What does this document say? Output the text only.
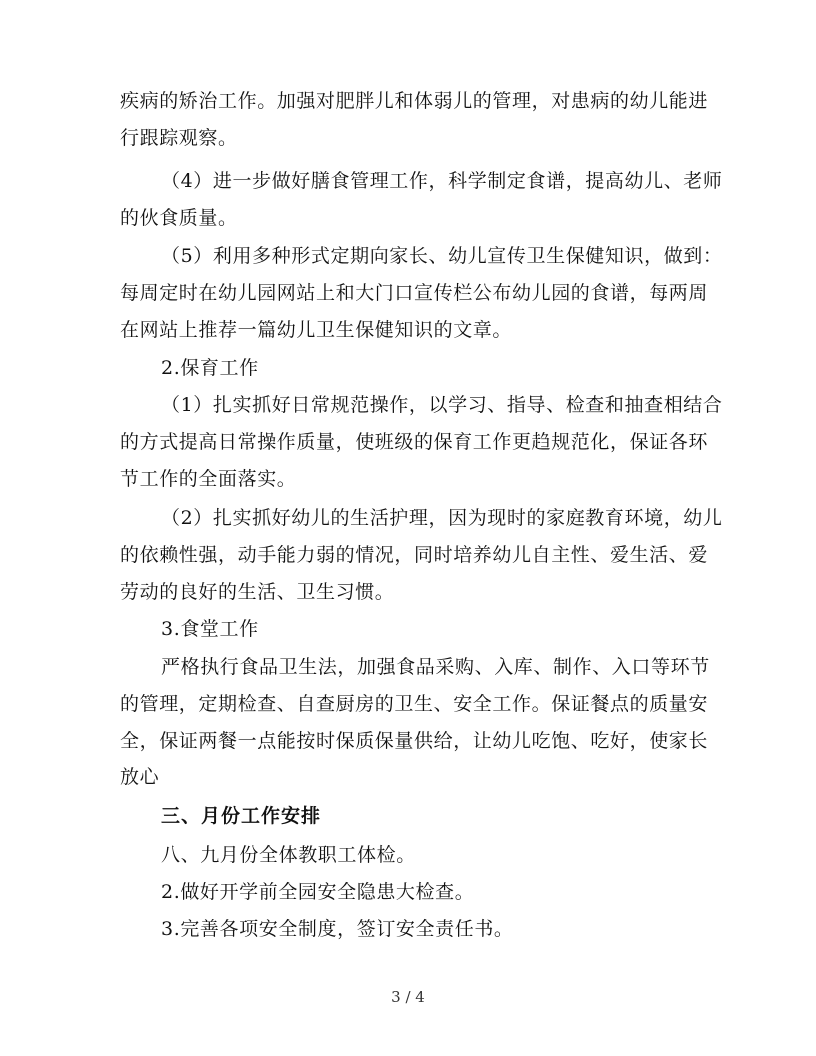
疾病的矫治工作。加强对肥胖儿和体弱儿的管理，对患病的幼儿能进
行跟踪观察。
（4）进一步做好膳食管理工作，科学制定食谱，提高幼儿、老师
的伙食质量。
（5）利用多种形式定期向家长、幼儿宣传卫生保健知识，做到：
每周定时在幼儿园网站上和大门口宣传栏公布幼儿园的食谱，每两周
在网站上推荐一篇幼儿卫生保健知识的文章。
2.保育工作
（1）扎实抓好日常规范操作，以学习、指导、检查和抽查相结合
的方式提高日常操作质量，使班级的保育工作更趋规范化，保证各环
节工作的全面落实。
（2）扎实抓好幼儿的生活护理，因为现时的家庭教育环境，幼儿
的依赖性强，动手能力弱的情况，同时培养幼儿自主性、爱生活、爱
劳动的良好的生活、卫生习惯。
3.食堂工作
严格执行食品卫生法，加强食品采购、入库、制作、入口等环节
的管理，定期检查、自查厨房的卫生、安全工作。保证餐点的质量安
全，保证两餐一点能按时保质保量供给，让幼儿吃饱、吃好，使家长
放心
三、月份工作安排
八、九月份全体教职工体检。
2.做好开学前全园安全隐患大检查。
3.完善各项安全制度，签订安全责任书。
3 / 4
